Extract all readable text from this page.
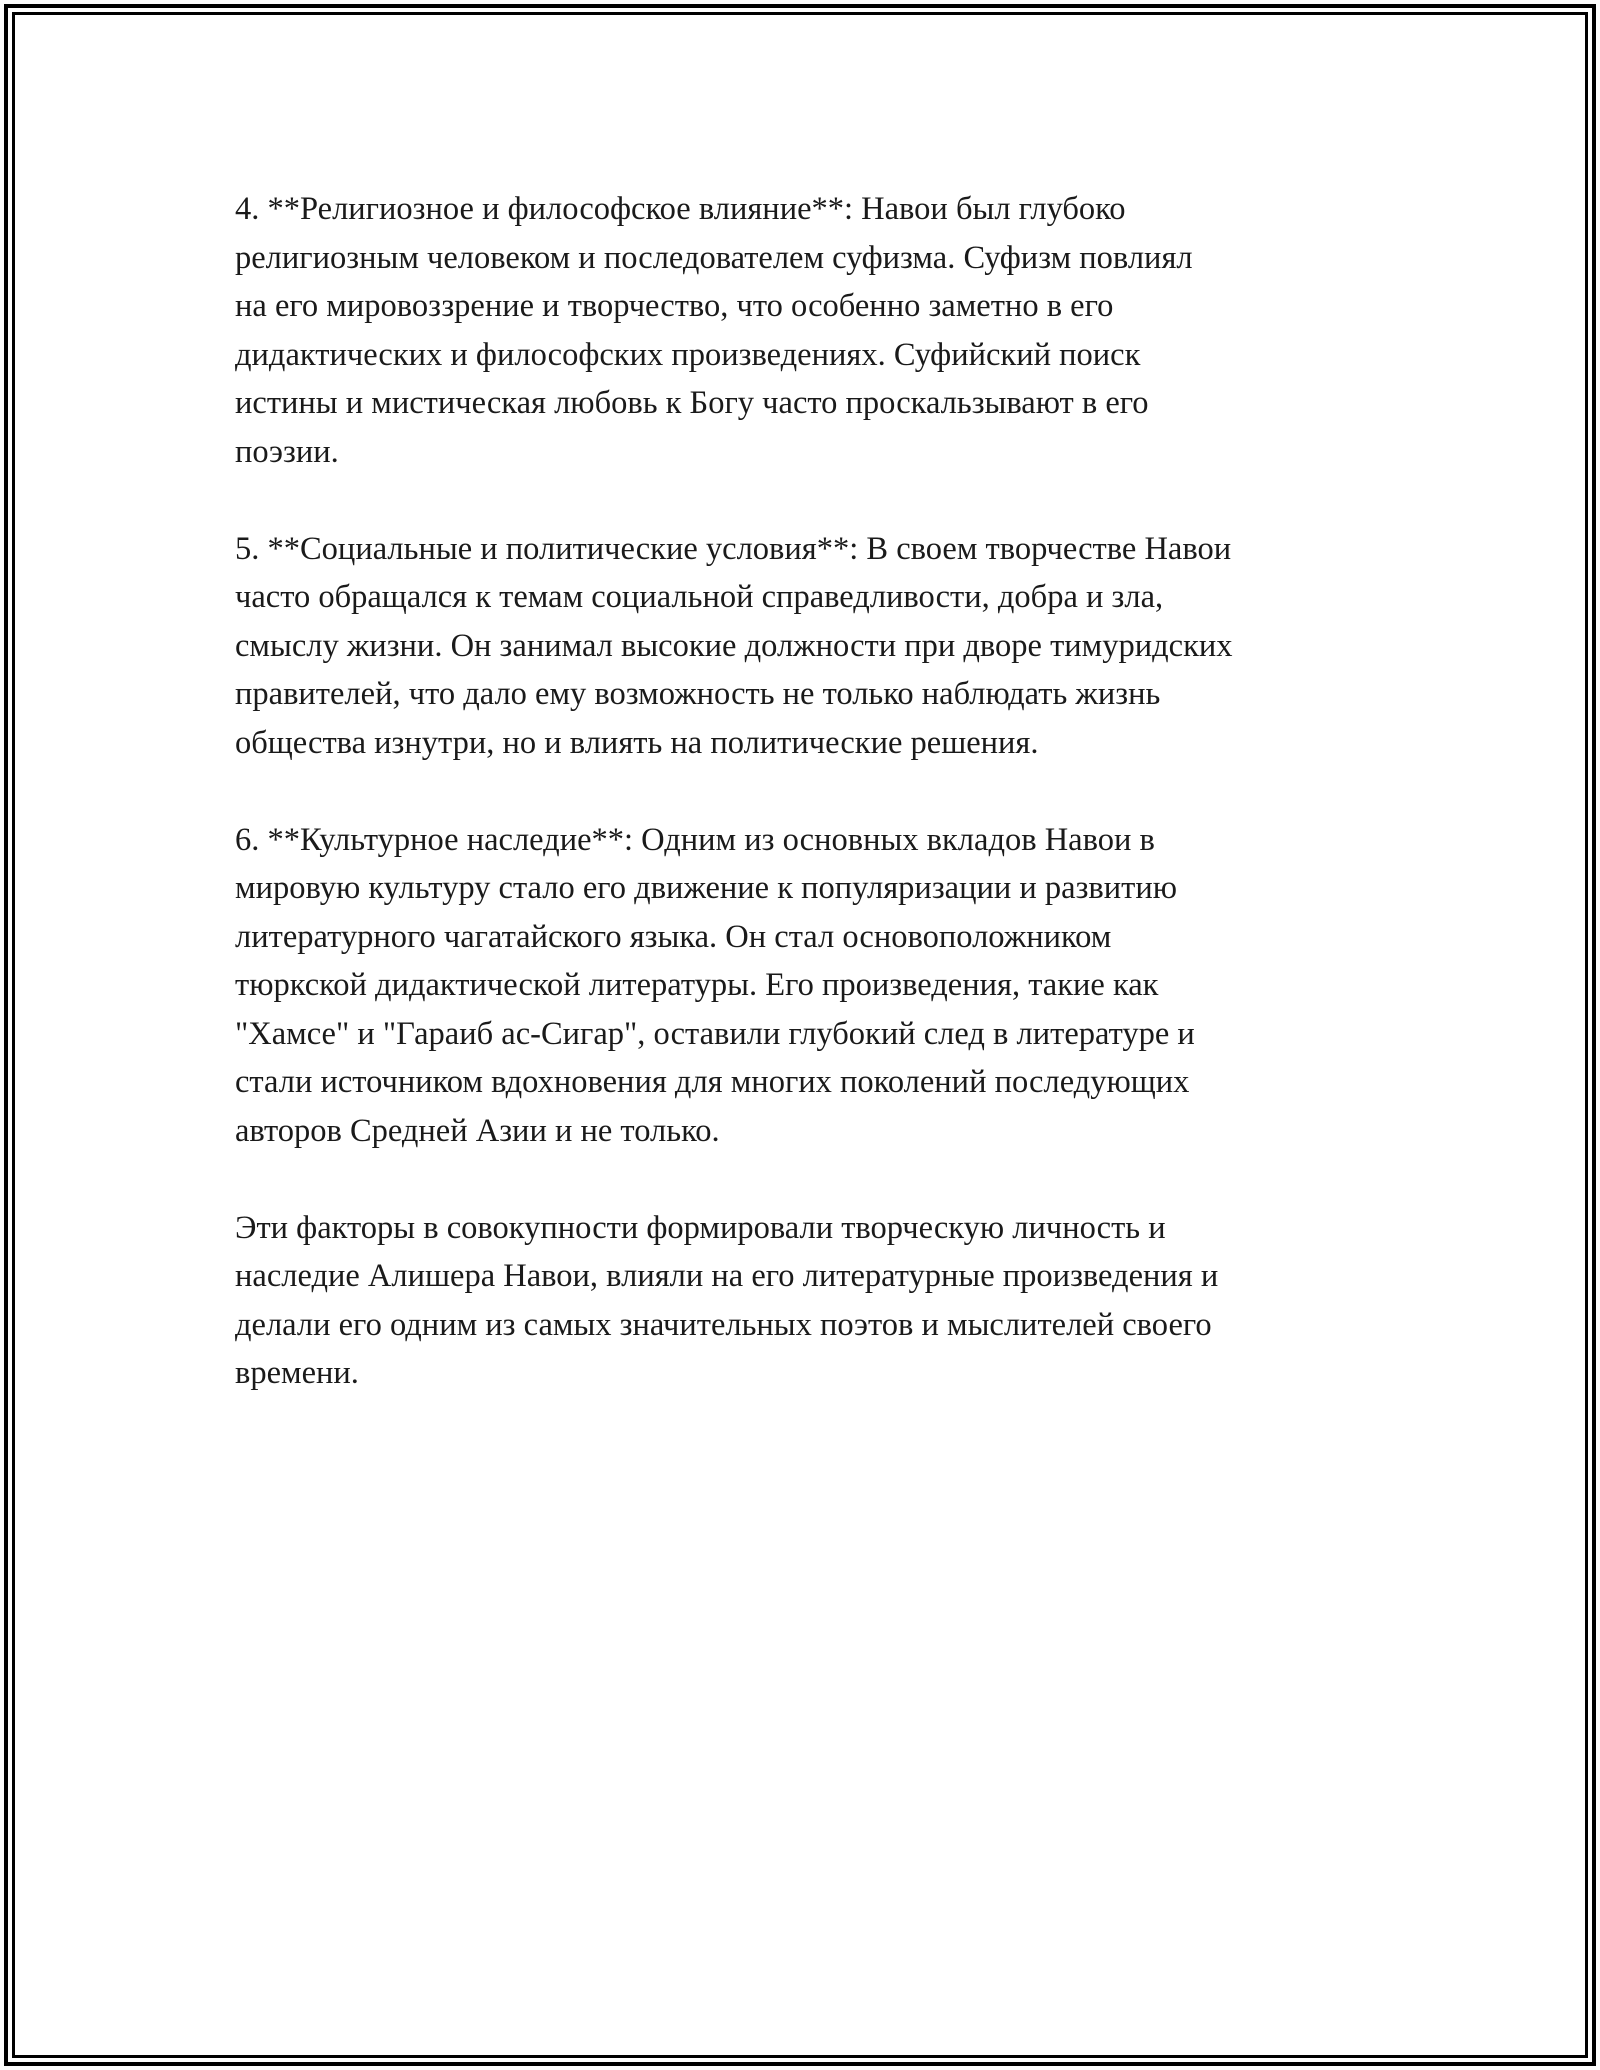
4. **Религиозное и философское влияние**: Навои был глубоко
религиозным человеком и последователем суфизма. Суфизм повлиял
на его мировоззрение и творчество, что особенно заметно в его
дидактических и философских произведениях. Суфийский поиск
истины и мистическая любовь к Богу часто проскальзывают в его
поэзии.

5. **Социальные и политические условия**: В своем творчестве Навои
часто обращался к темам социальной справедливости, добра и зла,
смыслу жизни. Он занимал высокие должности при дворе тимуридских
правителей, что дало ему возможность не только наблюдать жизнь
общества изнутри, но и влиять на политические решения.

6. **Культурное наследие**: Одним из основных вкладов Навои в
мировую культуру стало его движение к популяризации и развитию
литературного чагатайского языка. Он стал основоположником
тюркской дидактической литературы. Его произведения, такие как
"Хамсе" и "Гараиб ас-Сигар", оставили глубокий след в литературе и
стали источником вдохновения для многих поколений последующих
авторов Средней Азии и не только.

Эти факторы в совокупности формировали творческую личность и
наследие Алишера Навои, влияли на его литературные произведения и
делали его одним из самых значительных поэтов и мыслителей своего
времени.
